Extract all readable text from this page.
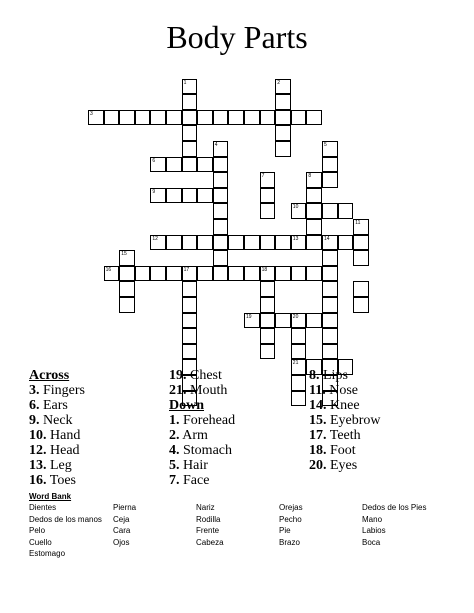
Body Parts
1	2
3
4	5
6
7	8
9
10
11
12	13	14
15
16	17	18
19	20
21
Across
3. Fingers
6. Ears
9. Neck
10. Hand
12. Head
13. Leg
16. Toes
19. Chest
21. Mouth
Down
1. Forehead
2. Arm
4. Stomach
5. Hair
7. Face
8. Lips
11. Nose
14. Knee
15. Eyebrow
17. Teeth
18. Foot
20. Eyes
Word Bank
Dientes
Dedos de los manos
Pelo
Cuello
Estomago
Pierna
Ceja
Cara
Ojos
Nariz
Rodilla
Frente
Cabeza
Orejas
Pecho
Pie
Brazo
Dedos de los Pies
Mano
Labios
Boca
